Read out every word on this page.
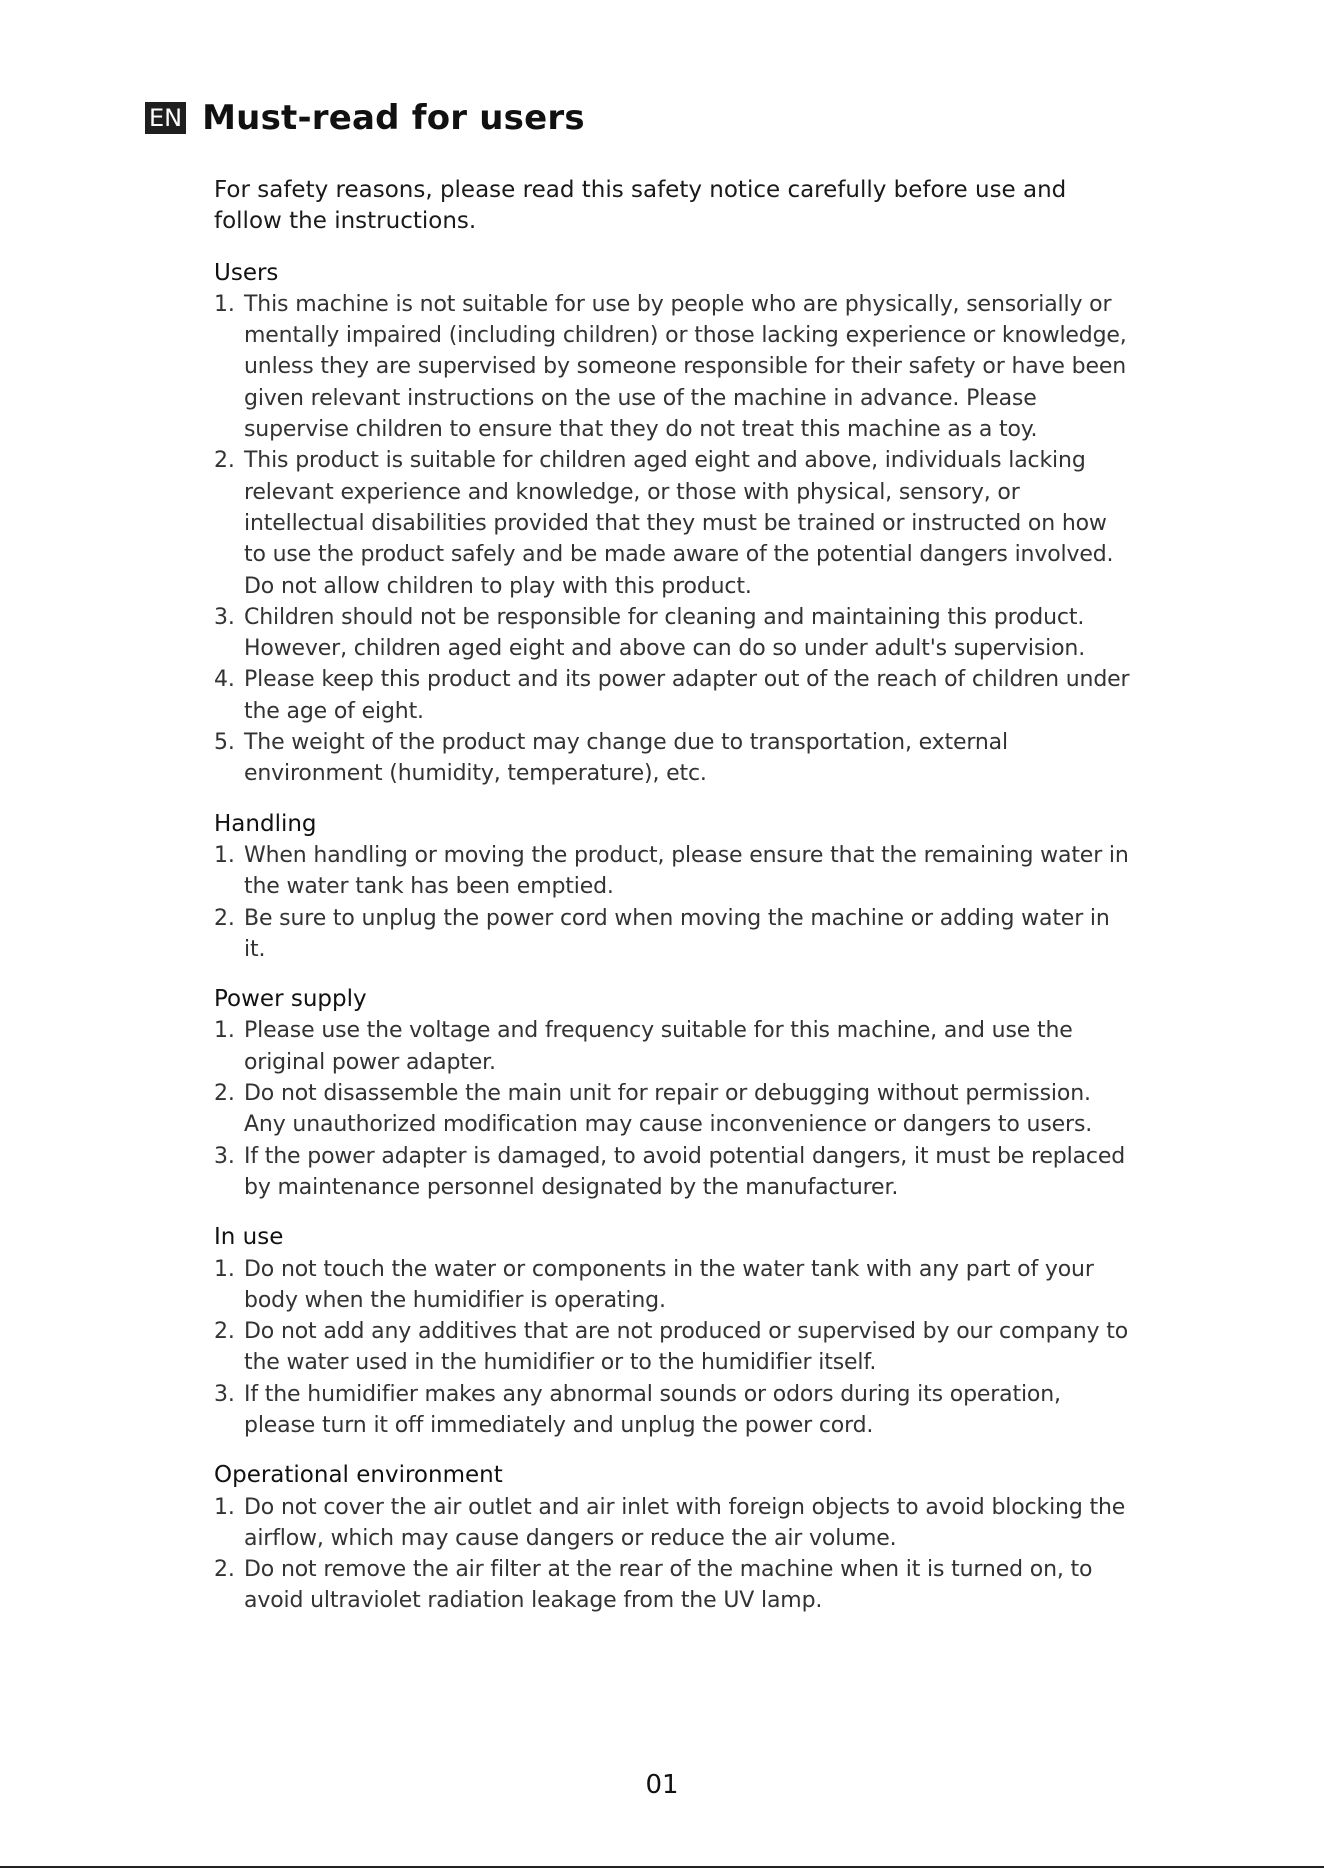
EN Must-read for users

For safety reasons, please read this safety notice carefully before use and follow the instructions.

Users
1. This machine is not suitable for use by people who are physically, sensorially or mentally impaired (including children) or those lacking experience or knowledge, unless they are supervised by someone responsible for their safety or have been given relevant instructions on the use of the machine in advance. Please supervise children to ensure that they do not treat this machine as a toy.
2. This product is suitable for children aged eight and above, individuals lacking relevant experience and knowledge, or those with physical, sensory, or intellectual disabilities provided that they must be trained or instructed on how to use the product safely and be made aware of the potential dangers involved. Do not allow children to play with this product.
3. Children should not be responsible for cleaning and maintaining this product. However, children aged eight and above can do so under adult's supervision.
4. Please keep this product and its power adapter out of the reach of children under the age of eight.
5. The weight of the product may change due to transportation, external environment (humidity, temperature), etc.
Handling
1. When handling or moving the product, please ensure that the remaining water in the water tank has been emptied.
2. Be sure to unplug the power cord when moving the machine or adding water in it.
Power supply
1. Please use the voltage and frequency suitable for this machine, and use the original power adapter.
2. Do not disassemble the main unit for repair or debugging without permission. Any unauthorized modification may cause inconvenience or dangers to users.
3. If the power adapter is damaged, to avoid potential dangers, it must be replaced by maintenance personnel designated by the manufacturer.
In use
1. Do not touch the water or components in the water tank with any part of your body when the humidifier is operating.
2. Do not add any additives that are not produced or supervised by our company to the water used in the humidifier or to the humidifier itself.
3. If the humidifier makes any abnormal sounds or odors during its operation, please turn it off immediately and unplug the power cord.
Operational environment
1. Do not cover the air outlet and air inlet with foreign objects to avoid blocking the airflow, which may cause dangers or reduce the air volume.
2. Do not remove the air filter at the rear of the machine when it is turned on, to avoid ultraviolet radiation leakage from the UV lamp.
01
